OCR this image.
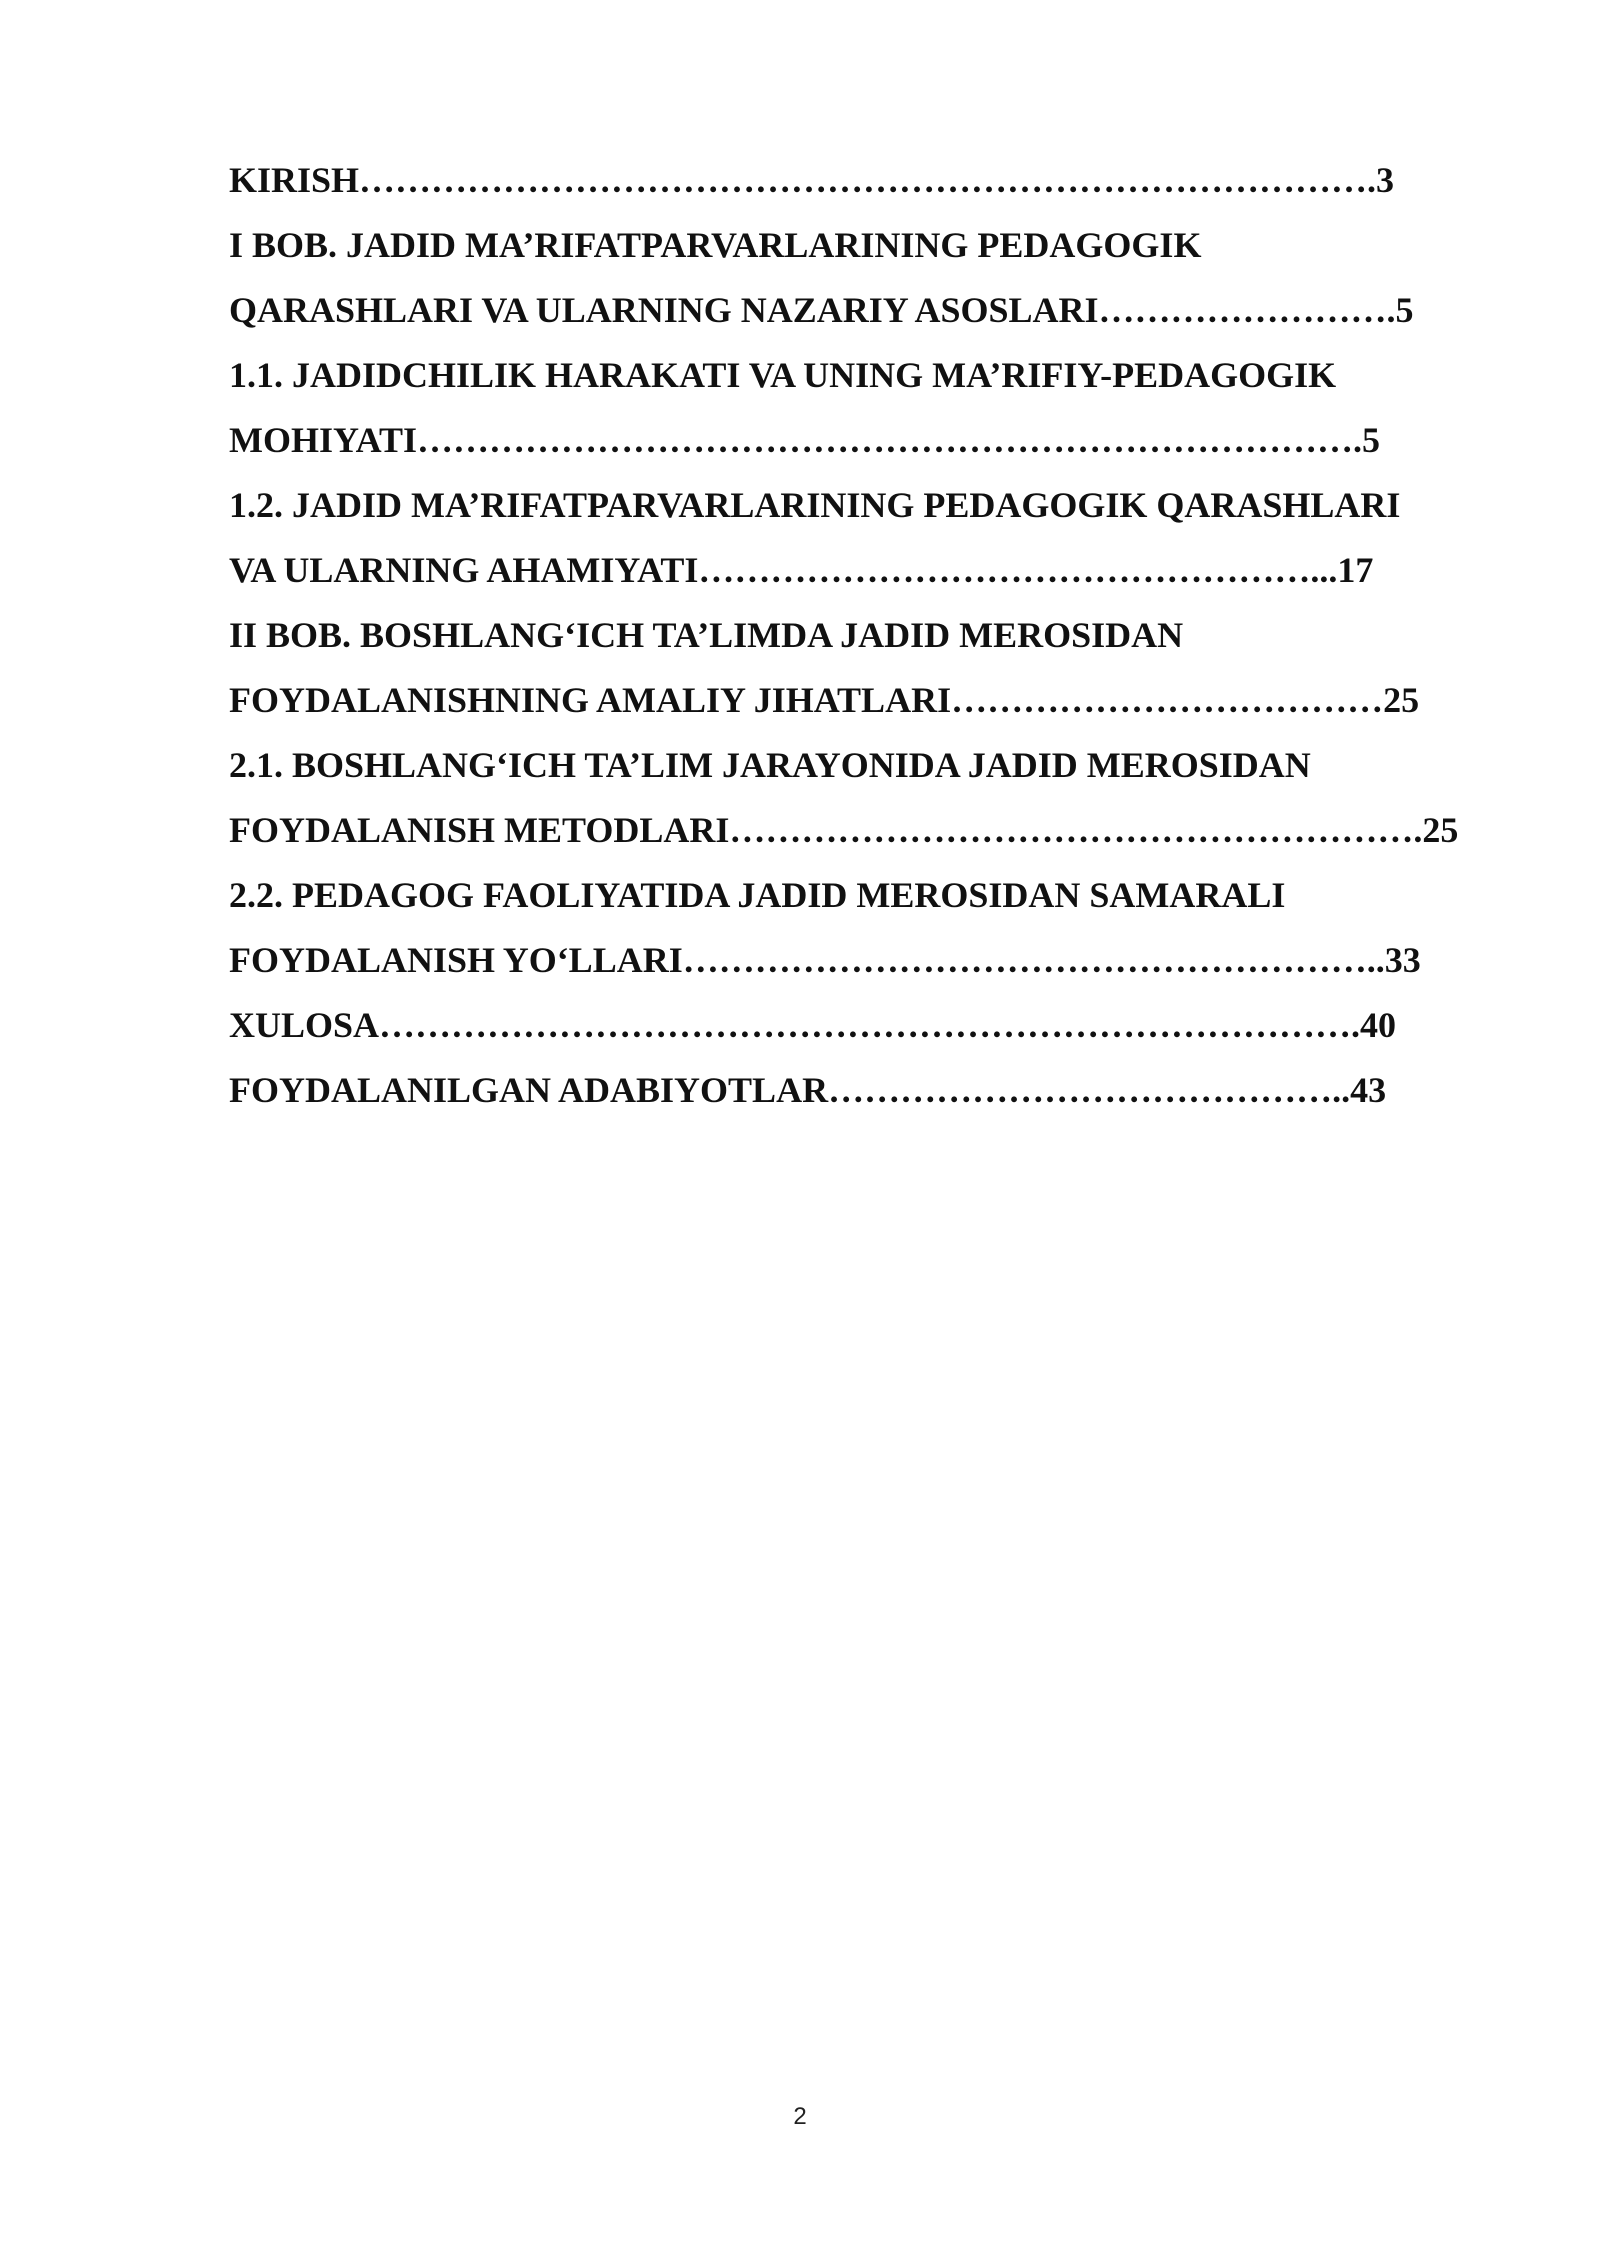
KIRISH………………………………………………………………………….3
I BOB. JADID MA’RIFATPARVARLARINING PEDAGOGIK
QARASHLARI VA ULARNING NAZARIY ASOSLARI…………………….5
1.1. JADIDCHILIK HARAKATI VA UNING MA’RIFIY-PEDAGOGIK
MOHIYATI…………………………………………………………………….5
1.2. JADID MA’RIFATPARVARLARINING PEDAGOGIK QARASHLARI
VA ULARNING AHAMIYATI……………………………………………...17
II BOB. BOSHLANG‘ICH TA’LIMDA JADID MEROSIDAN
FOYDALANISHNING AMALIY JIHATLARI………………………………25
2.1. BOSHLANG‘ICH TA’LIM JARAYONIDA JADID MEROSIDAN
FOYDALANISH METODLARI………………………………………………….25
2.2. PEDAGOG FAOLIYATIDA JADID MEROSIDAN SAMARALI
FOYDALANISH YO‘LLARI…………………………………………………..33
XULOSA……………………………………………………………………….40
FOYDALANILGAN ADABIYOTLAR……………………………………..43
2
